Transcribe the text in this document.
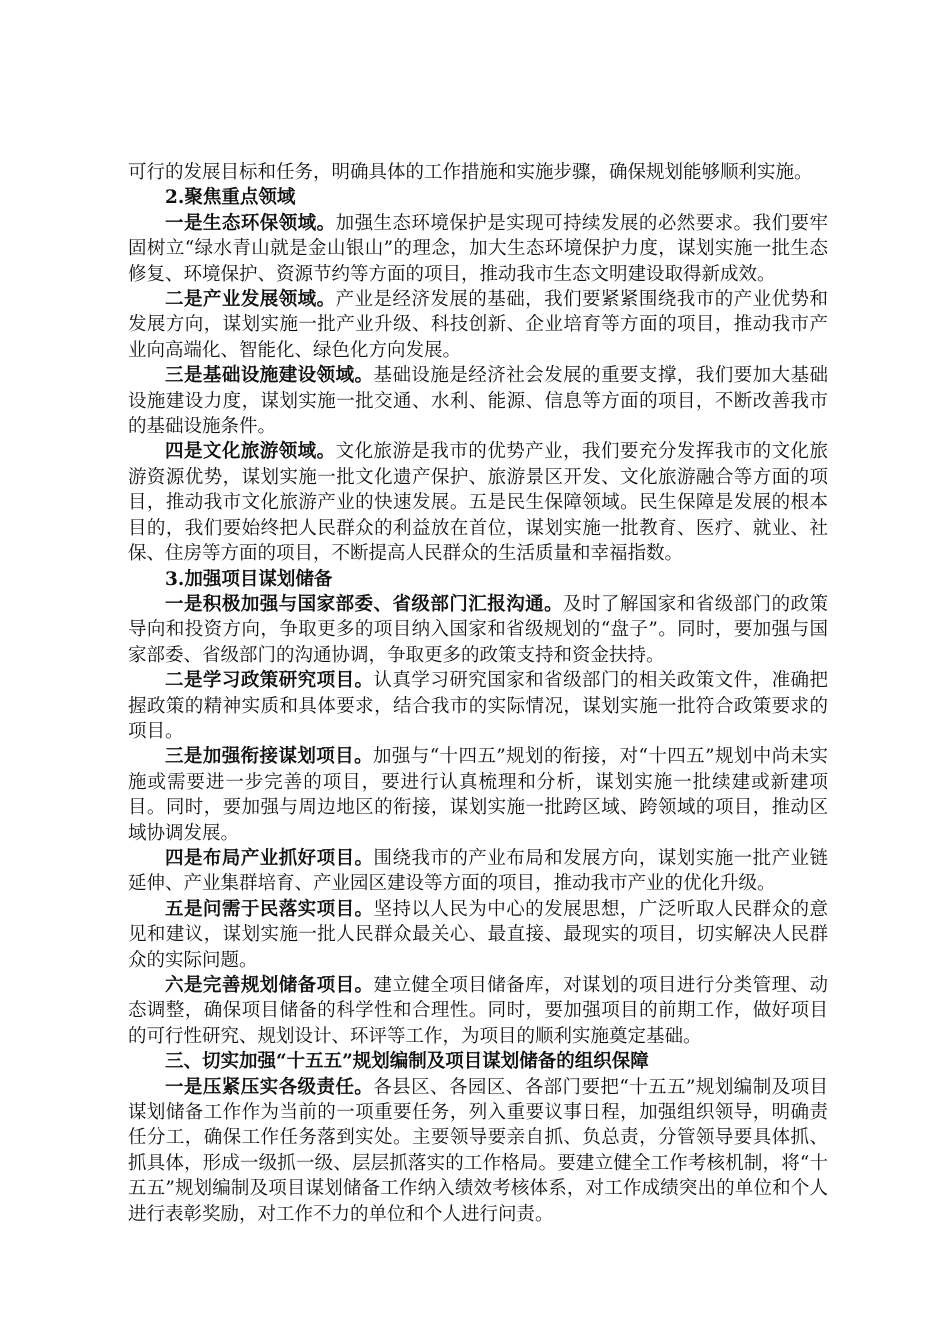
可行的发展目标和任务，明确具体的工作措施和实施步骤，确保规划能够顺利实施。

2.聚焦重点领域

一是生态环保领域。加强生态环境保护是实现可持续发展的必然要求。我们要牢固树立“绿水青山就是金山银山”的理念，加大生态环境保护力度，谋划实施一批生态修复、环境保护、资源节约等方面的项目，推动我市生态文明建设取得新成效。

二是产业发展领域。产业是经济发展的基础，我们要紧紧围绕我市的产业优势和发展方向，谋划实施一批产业升级、科技创新、企业培育等方面的项目，推动我市产业向高端化、智能化、绿色化方向发展。

三是基础设施建设领域。基础设施是经济社会发展的重要支撑，我们要加大基础设施建设力度，谋划实施一批交通、水利、能源、信息等方面的项目，不断改善我市的基础设施条件。

四是文化旅游领域。文化旅游是我市的优势产业，我们要充分发挥我市的文化旅游资源优势，谋划实施一批文化遗产保护、旅游景区开发、文化旅游融合等方面的项目，推动我市文化旅游产业的快速发展。五是民生保障领域。民生保障是发展的根本目的，我们要始终把人民群众的利益放在首位，谋划实施一批教育、医疗、就业、社保、住房等方面的项目，不断提高人民群众的生活质量和幸福指数。

3.加强项目谋划储备

一是积极加强与国家部委、省级部门汇报沟通。及时了解国家和省级部门的政策导向和投资方向，争取更多的项目纳入国家和省级规划的“盘子”。同时，要加强与国家部委、省级部门的沟通协调，争取更多的政策支持和资金扶持。

二是学习政策研究项目。认真学习研究国家和省级部门的相关政策文件，准确把握政策的精神实质和具体要求，结合我市的实际情况，谋划实施一批符合政策要求的项目。

三是加强衔接谋划项目。加强与“十四五”规划的衔接，对“十四五”规划中尚未实施或需要进一步完善的项目，要进行认真梳理和分析，谋划实施一批续建或新建项目。同时，要加强与周边地区的衔接，谋划实施一批跨区域、跨领域的项目，推动区域协调发展。

四是布局产业抓好项目。围绕我市的产业布局和发展方向，谋划实施一批产业链延伸、产业集群培育、产业园区建设等方面的项目，推动我市产业的优化升级。

五是问需于民落实项目。坚持以人民为中心的发展思想，广泛听取人民群众的意见和建议，谋划实施一批人民群众最关心、最直接、最现实的项目，切实解决人民群众的实际问题。

六是完善规划储备项目。建立健全项目储备库，对谋划的项目进行分类管理、动态调整，确保项目储备的科学性和合理性。同时，要加强项目的前期工作，做好项目的可行性研究、规划设计、环评等工作，为项目的顺利实施奠定基础。

三、切实加强“十五五”规划编制及项目谋划储备的组织保障

一是压紧压实各级责任。各县区、各园区、各部门要把“十五五”规划编制及项目谋划储备工作作为当前的一项重要任务，列入重要议事日程，加强组织领导，明确责任分工，确保工作任务落到实处。主要领导要亲自抓、负总责，分管领导要具体抓、抓具体，形成一级抓一级、层层抓落实的工作格局。要建立健全工作考核机制，将“十五五”规划编制及项目谋划储备工作纳入绩效考核体系，对工作成绩突出的单位和个人进行表彰奖励，对工作不力的单位和个人进行问责。
